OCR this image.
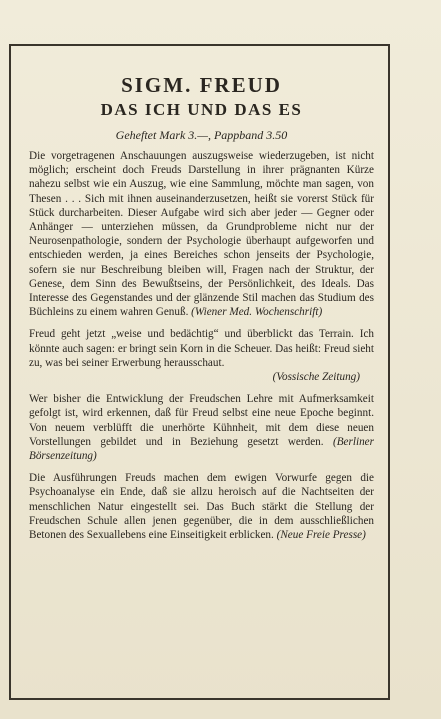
SIGM. FREUD
DAS ICH UND DAS ES

Geheftet Mark 3.—, Pappband 3.50

Die vorgetragenen Anschauungen auszugsweise wiederzugeben, ist nicht möglich; erscheint doch Freuds Darstellung in ihrer prägnanten Kürze nahezu selbst wie ein Auszug, wie eine Sammlung, möchte man sagen, von Thesen . . . Sich mit ihnen auseinanderzusetzen, heißt sie vorerst Stück für Stück durcharbeiten. Dieser Aufgabe wird sich aber jeder — Gegner oder Anhänger — unterziehen müssen, da Grundprobleme nicht nur der Neurosenpathologie, sondern der Psychologie überhaupt aufgeworfen und entschieden werden, ja eines Bereiches schon jenseits der Psychologie, sofern sie nur Beschreibung bleiben will, Fragen nach der Struktur, der Genese, dem Sinn des Bewußtseins, der Persönlichkeit, des Ideals. Das Interesse des Gegenstandes und der glänzende Stil machen das Studium des Büchleins zu einem wahren Genuß. (Wiener Med. Wochenschrift)

Freud geht jetzt „weise und bedächtig“ und überblickt das Terrain. Ich könnte auch sagen: er bringt sein Korn in die Scheuer. Das heißt: Freud sieht zu, was bei seiner Erwerbung herausschaut.
(Vossische Zeitung)

Wer bisher die Entwicklung der Freudschen Lehre mit Aufmerksamkeit gefolgt ist, wird erkennen, daß für Freud selbst eine neue Epoche beginnt. Von neuem verblüfft die unerhörte Kühnheit, mit dem diese neuen Vorstellungen gebildet und in Beziehung gesetzt werden. (Berliner Börsenzeitung)

Die Ausführungen Freuds machen dem ewigen Vorwurfe gegen die Psychoanalyse ein Ende, daß sie allzu heroisch auf die Nachtseiten der menschlichen Natur eingestellt sei. Das Buch stärkt die Stellung der Freudschen Schule allen jenen gegenüber, die in dem ausschließlichen Betonen des Sexuallebens eine Einseitigkeit erblicken. (Neue Freie Presse)
